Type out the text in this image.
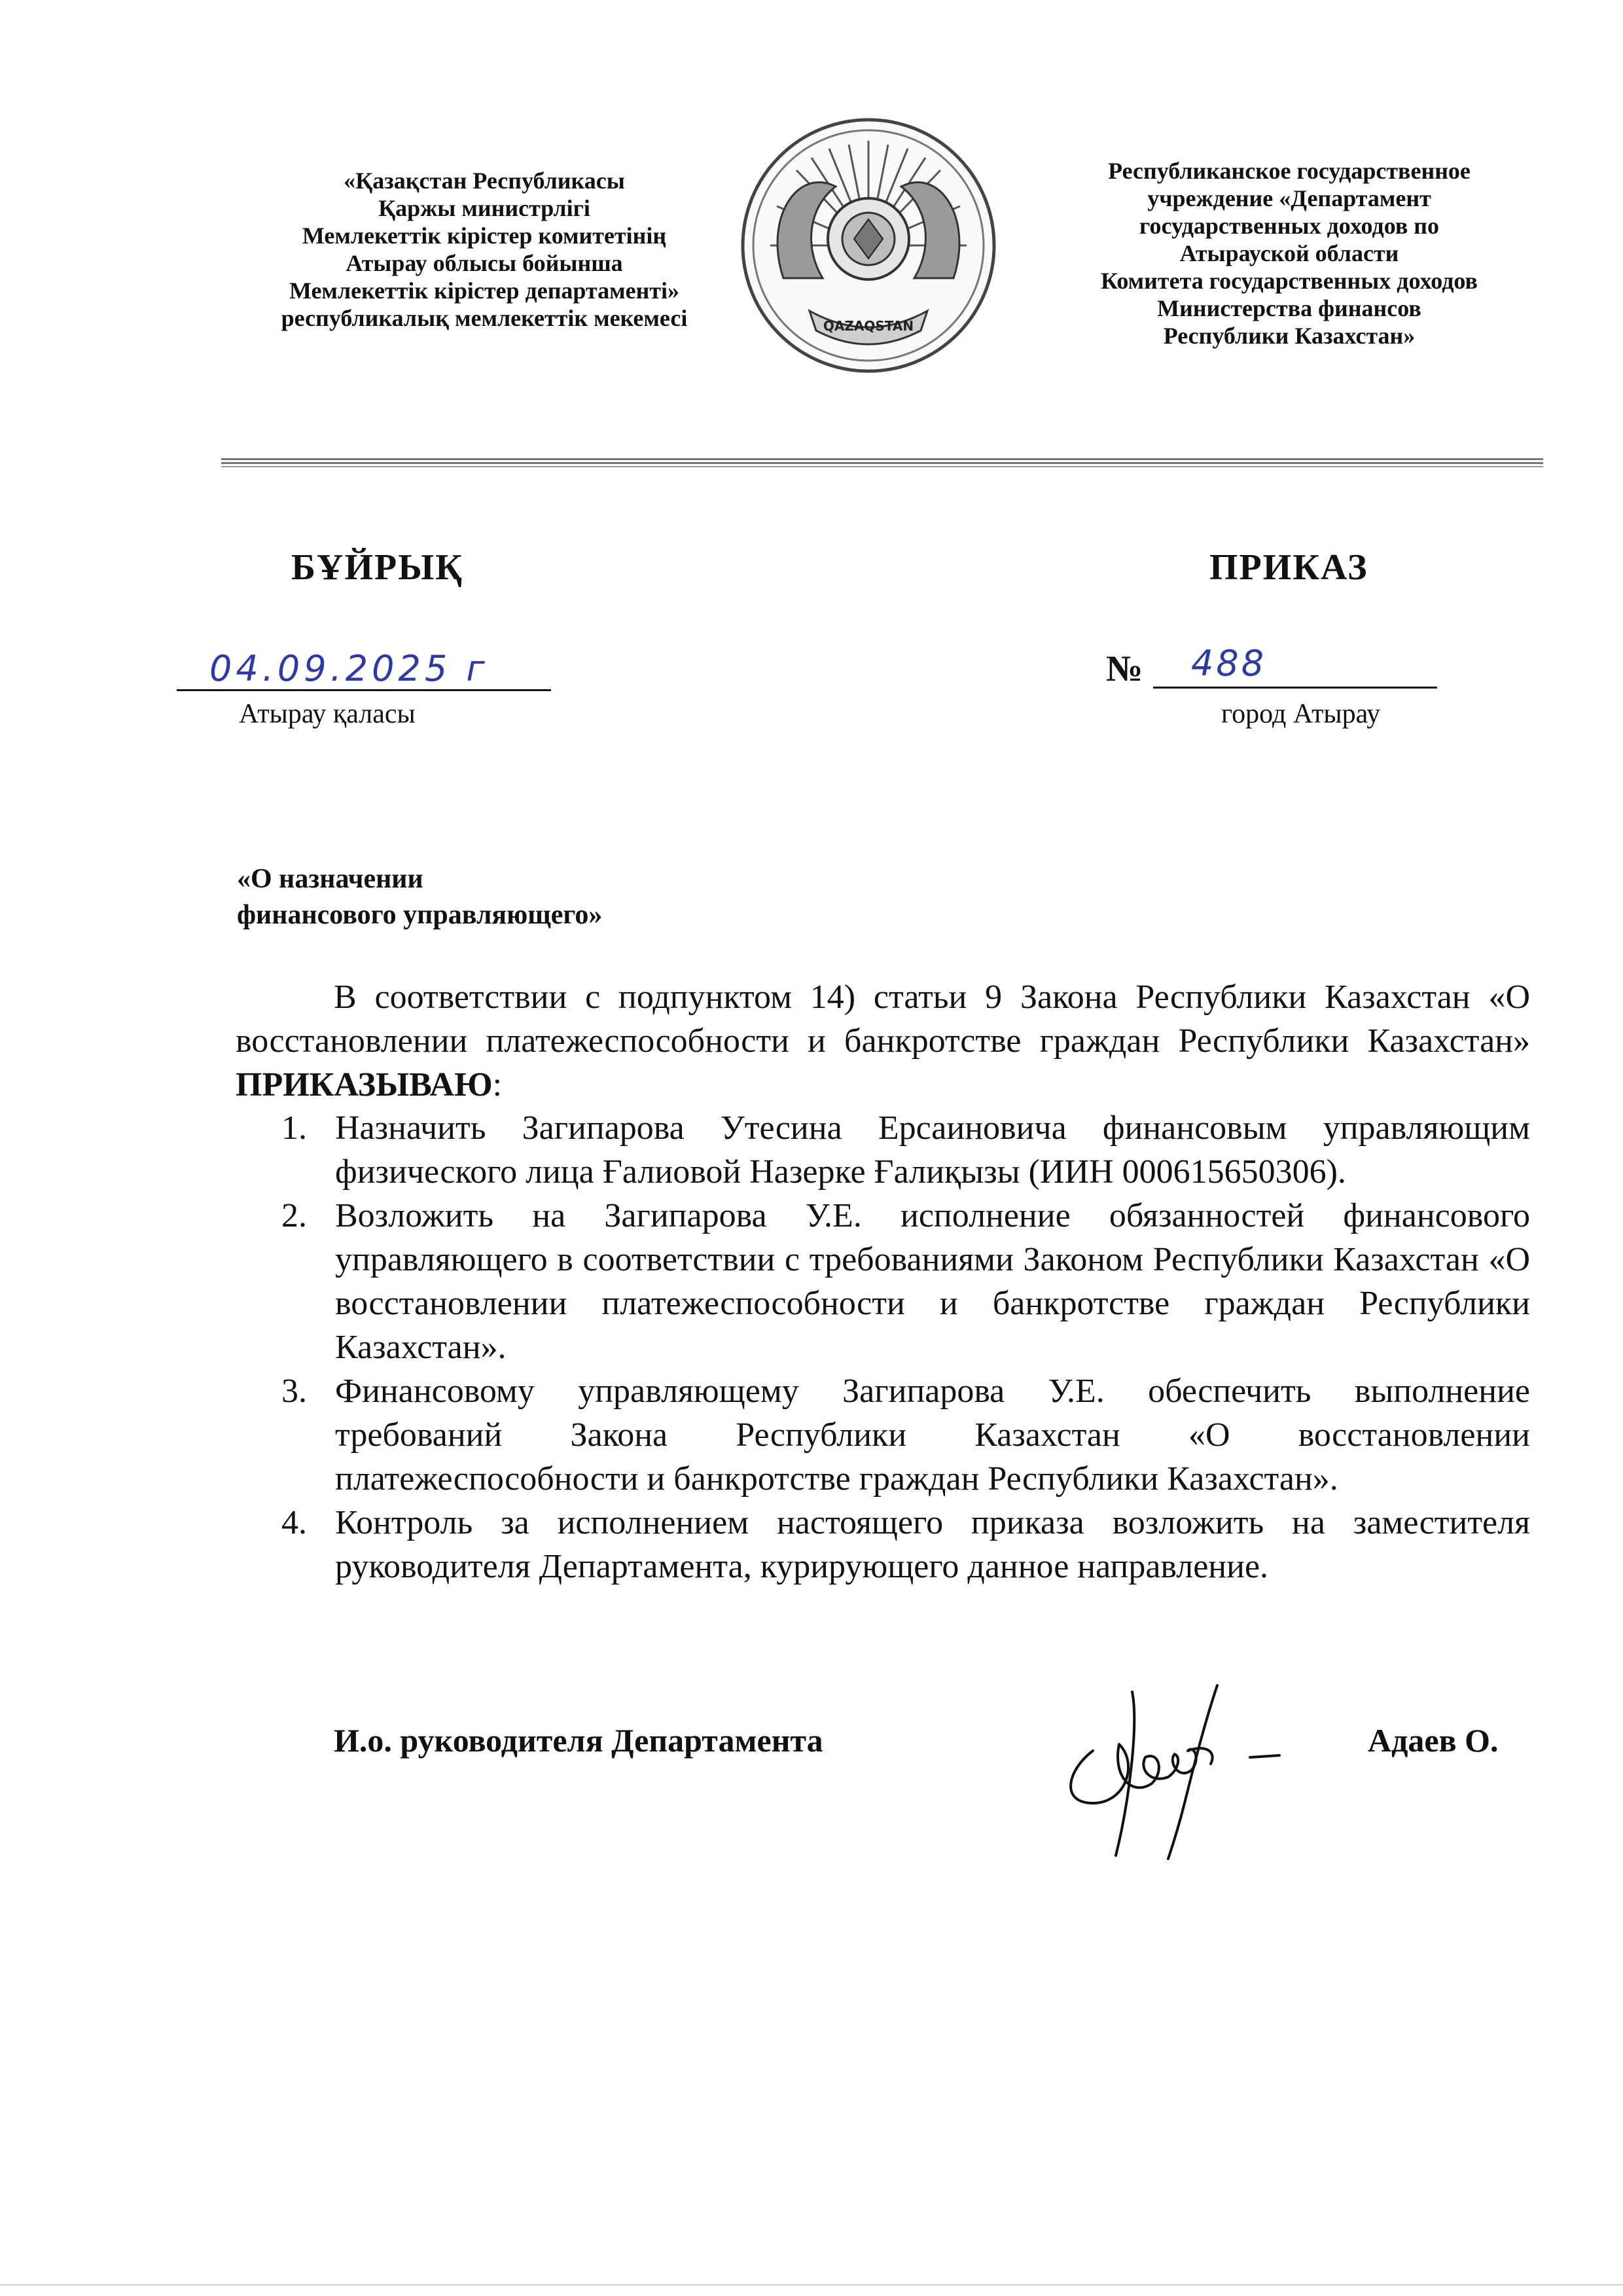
«Қазақстан Республикасы
Қаржы министрлігі
Мемлекеттік кірістер комитетінің
Атырау облысы бойынша
Мемлекеттік кірістер департаменті»
республикалық мемлекеттік мекемесі	QAZAQSTAN
Республиканское государственное
учреждение «Департамент
государственных доходов по
Атырауской области
Комитета государственных доходов
Министерства финансов
Республики Казахстан»
БҰЙРЫҚ	ПРИКАЗ
04.09.2025 г
Атырау қаласы
№ 488
город Атырау
«О назначении
финансового управляющего»

В соответствии с подпунктом 14) статьи 9 Закона Республики Казахстан «О восстановлении платежеспособности и банкротстве граждан Республики Казахстан» ПРИКАЗЫВАЮ:

1. Назначить Загипарова Утесина Ерсаиновича финансовым управляющим физического лица Ғалиовой Назерке Ғалиқызы (ИИН 000615650306).
2. Возложить на Загипарова У.Е. исполнение обязанностей финансового управляющего в соответствии с требованиями Законом Республики Казахстан «О восстановлении платежеспособности и банкротстве граждан Республики Казахстан».
3. Финансовому управляющему Загипарова У.Е. обеспечить выполнение требований Закона Республики Казахстан «О восстановлении платежеспособности и банкротстве граждан Республики Казахстан».
4. Контроль за исполнением настоящего приказа возложить на заместителя руководителя Департамента, курирующего данное направление.
И.о. руководителя Департамента	Адаев О.
